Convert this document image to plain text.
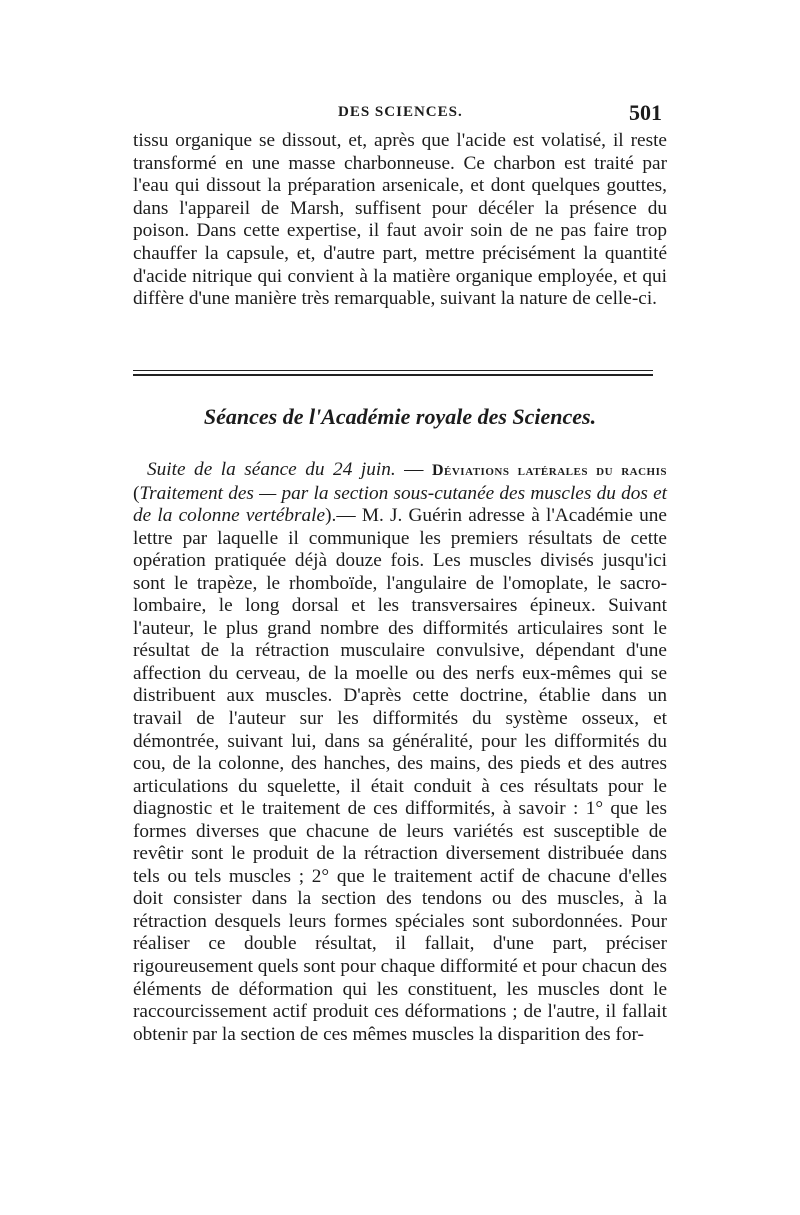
DES SCIENCES.	501

tissu organique se dissout, et, après que l'acide est volatisé, il reste transformé en une masse charbonneuse. Ce charbon est traité par l'eau qui dissout la préparation arsenicale, et dont quelques gouttes, dans l'appareil de Marsh, suffisent pour décéler la présence du poison. Dans cette expertise, il faut avoir soin de ne pas faire trop chauffer la capsule, et, d'autre part, mettre précisément la quantité d'acide nitrique qui convient à la matière organique employée, et qui diffère d'une manière très remarquable, suivant la nature de celle-ci.

Séances de l'Académie royale des Sciences.

Suite de la séance du 24 juin. — Déviations latérales du rachis (Traitement des — par la section sous-cutanée des muscles du dos et de la colonne vertébrale).— M. J. Guérin adresse à l'Académie une lettre par laquelle il communique les premiers résultats de cette opération pratiquée déjà douze fois. Les muscles divisés jusqu'ici sont le trapèze, le rhomboïde, l'angulaire de l'omoplate, le sacro-lombaire, le long dorsal et les transversaires épineux. Suivant l'auteur, le plus grand nombre des difformités articulaires sont le résultat de la rétraction musculaire convulsive, dépendant d'une affection du cerveau, de la moelle ou des nerfs eux-mêmes qui se distribuent aux muscles. D'après cette doctrine, établie dans un travail de l'auteur sur les difformités du système osseux, et démontrée, suivant lui, dans sa généralité, pour les difformités du cou, de la colonne, des hanches, des mains, des pieds et des autres articulations du squelette, il était conduit à ces résultats pour le diagnostic et le traitement de ces difformités, à savoir : 1° que les formes diverses que chacune de leurs variétés est susceptible de revêtir sont le produit de la rétraction diversement distribuée dans tels ou tels muscles ; 2° que le traitement actif de chacune d'elles doit consister dans la section des tendons ou des muscles, à la rétraction desquels leurs formes spéciales sont subordonnées. Pour réaliser ce double résultat, il fallait, d'une part, préciser rigoureusement quels sont pour chaque difformité et pour chacun des éléments de déformation qui les constituent, les muscles dont le raccourcissement actif produit ces déformations ; de l'autre, il fallait obtenir par la section de ces mêmes muscles la disparition des for-
